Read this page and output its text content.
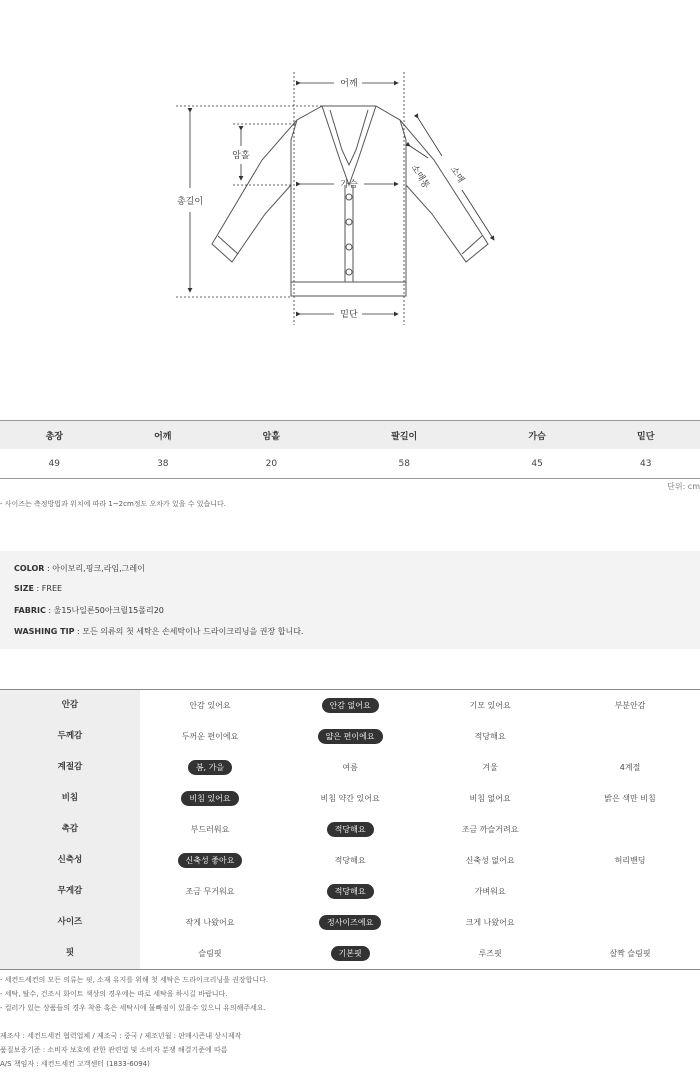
어깨
총길이
암홀
가슴
밑단
소매
소매통
총장	어깨	암홀	팔길이	가슴	밑단
49	38	20	58	45	43
단위: cm
- 사이즈는 측정방법과 위치에 따라 1~2cm정도 오차가 있을 수 있습니다.
COLOR : 아이보리,핑크,라임,그레이
SIZE : FREE
FABRIC : 울15나일론50아크릴15폴리20
WASHING TIP : 모든 의류의 첫 세탁은 손세탁이나 드라이크리닝을 권장 합니다.
안감	안감 있어요	안감 없어요	기모 있어요	부분안감
두께감	두꺼운 편이에요	얇은 편이에요	적당해요	
계절감	봄, 가을	여름	겨울	4계절
비침	비침 있어요	비침 약간 있어요	비침 없어요	밝은 색만 비침
촉감	부드러워요	적당해요	조금 까슬거려요	
신축성	신축성 좋아요	적당해요	신축성 없어요	허리밴딩
무게감	조금 무거워요	적당해요	가벼워요	
사이즈	작게 나왔어요	정사이즈에요	크게 나왔어요	
핏	슬림핏	기본핏	루즈핏	살짝 슬림핏
- 세컨드세컨의 모든 의류는 핏, 소재 유지를 위해 첫 세탁은 드라이크리닝을 권장합니다.
- 세탁, 탈수, 건조시 화이트 색상의 경우에는 따로 세탁을 하시길 바랍니다.
- 컬러가 있는 상품들의 경우 착용 혹은 세탁시에 물빠짐이 있을수 있으니 유의해주세요.
제조사 : 세컨드세컨 협력업체 / 제조국 : 중국 / 제조년월 : 판매시즌내 상시제작
품질보증기준 : 소비자 보호에 관한 관련법 및 소비자 분쟁 해결기준에 따름
A/S 책임자 : 세컨드세컨 고객센터 (1833-6094)
